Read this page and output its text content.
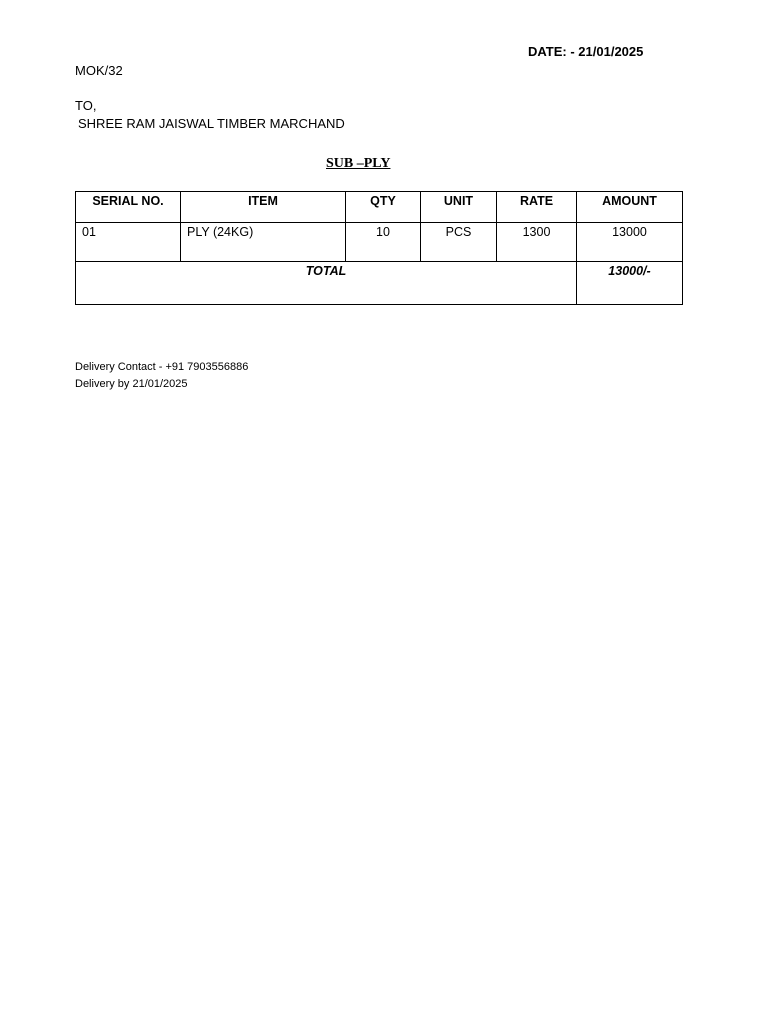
DATE: - 21/01/2025
MOK/32
TO,
SHREE RAM JAISWAL TIMBER MARCHAND
SUB –PLY
SERIAL NO.	ITEM	QTY	UNIT	RATE	AMOUNT
01	PLY (24KG)	10	PCS	1300	13000
TOTAL					13000/-
Delivery Contact - +91 7903556886
Delivery by 21/01/2025
